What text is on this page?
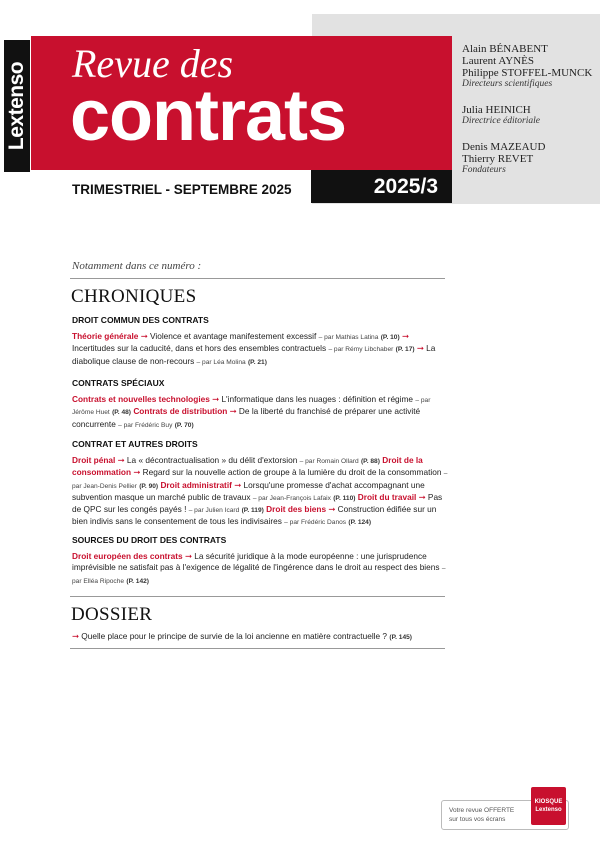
Lextenso Revue des
contrats
Alain BÉNABENT
Laurent AYNÈS
Philippe STOFFEL-MUNCK
Directeurs scientifiques
Julia HEINICH
Directrice éditoriale
Denis MAZEAUD
Thierry REVET
Fondateurs
TRIMESTRIEL - SEPTEMBRE 2025	2025/3
Notamment dans ce numéro :
CHRONIQUES
DROIT COMMUN DES CONTRATS
Théorie générale ➞ Violence et avantage manifestement excessif – par Mathias Latina (P. 10) ➞ Incertitudes sur la caducité, dans et hors des ensembles contractuels – par Rémy Libchaber (P. 17) ➞ La diabolique clause de non-recours – par Léa Molina (P. 21)
CONTRATS SPÉCIAUX
Contrats et nouvelles technologies ➞ L'informatique dans les nuages : définition et régime – par Jérôme Huet (P. 48) Contrats de distribution ➞ De la liberté du franchisé de préparer une activité concurrente – par Frédéric Buy (P. 70)
CONTRAT ET AUTRES DROITS
Droit pénal ➞ La « décontractualisation » du délit d'extorsion – par Romain Ollard (P. 88) Droit de la consommation ➞ Regard sur la nouvelle action de groupe à la lumière du droit de la consommation – par Jean-Denis Pellier (P. 90) Droit administratif ➞ Lorsqu'une promesse d'achat accompagnant une subvention masque un marché public de travaux – par Jean-François Lafaix (P. 110) Droit du travail ➞ Pas de QPC sur les congés payés ! – par Julien Icard (P. 119) Droit des biens ➞ Construction édifiée sur un bien indivis sans le consentement de tous les indivisaires – par Frédéric Danos (P. 124)
SOURCES DU DROIT DES CONTRATS
Droit européen des contrats ➞ La sécurité juridique à la mode européenne : une jurisprudence imprévisible ne satisfait pas à l'exigence de légalité de l'ingérence dans le droit au respect des biens – par Elléa Ripoche (P. 142)
DOSSIER
➞ Quelle place pour le principe de survie de la loi ancienne en matière contractuelle ? (P. 145)
Votre revue OFFERTE
sur tous vos écrans
KIOSQUE
Lextenso
